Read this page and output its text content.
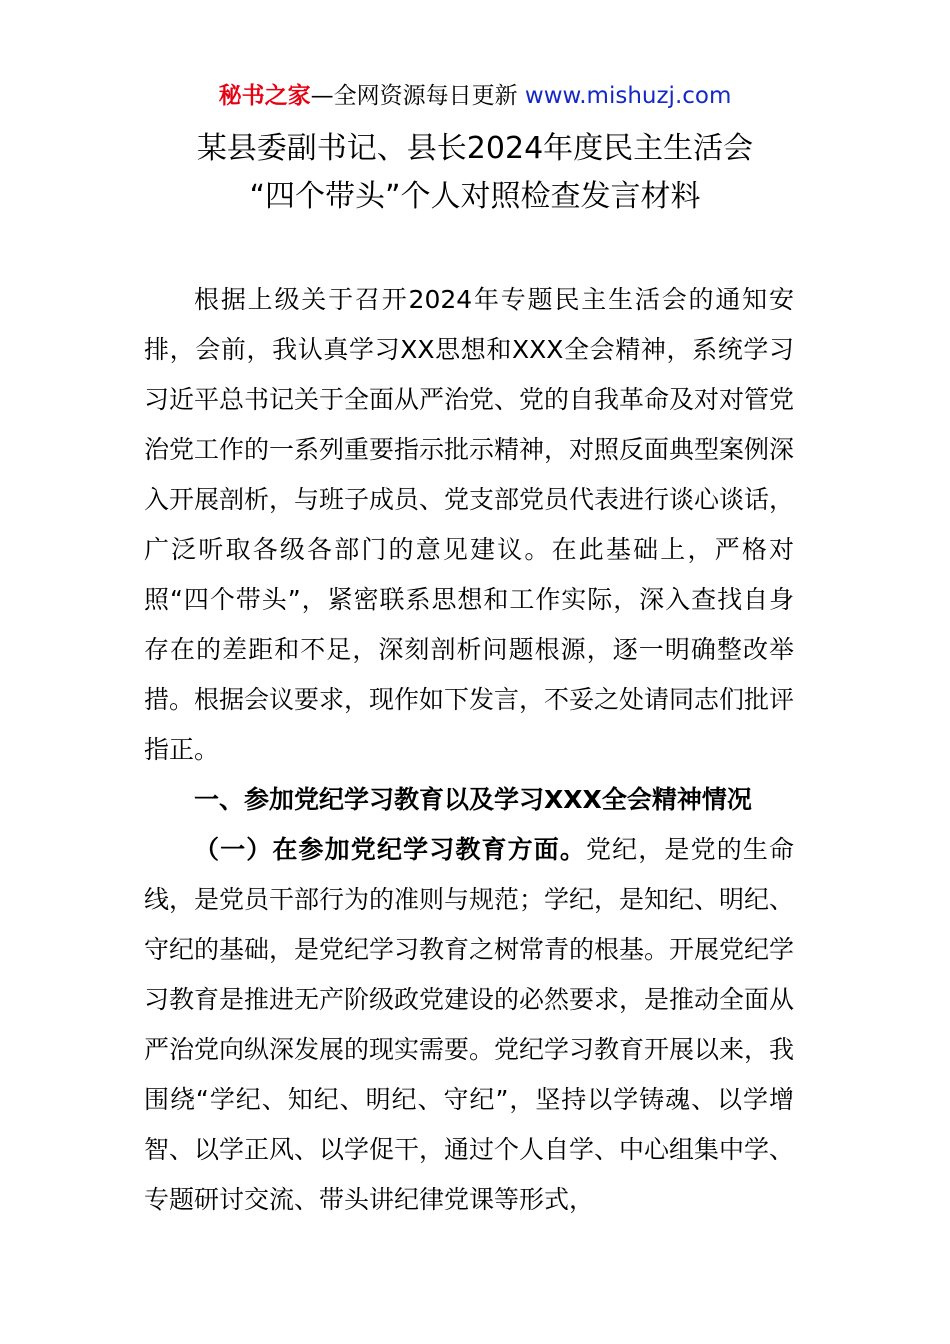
秘书之家—全网资源每日更新 www.mishuzj.com
某县委副书记、县长2024年度民主生活会
“四个带头”个人对照检查发言材料

根据上级关于召开2024年专题民主生活会的通知安排，会前，我认真学习XX思想和XXX全会精神，系统学习习近平总书记关于全面从严治党、党的自我革命及对对管党治党工作的一系列重要指示批示精神，对照反面典型案例深入开展剖析，与班子成员、党支部党员代表进行谈心谈话，广泛听取各级各部门的意见建议。在此基础上，严格对照“四个带头”，紧密联系思想和工作实际，深入查找自身存在的差距和不足，深刻剖析问题根源，逐一明确整改举措。根据会议要求，现作如下发言，不妥之处请同志们批评指正。

一、参加党纪学习教育以及学习XXX全会精神情况

（一）在参加党纪学习教育方面。党纪，是党的生命线，是党员干部行为的准则与规范；学纪，是知纪、明纪、守纪的基础，是党纪学习教育之树常青的根基。开展党纪学习教育是推进无产阶级政党建设的必然要求，是推动全面从严治党向纵深发展的现实需要。党纪学习教育开展以来，我围绕“学纪、知纪、明纪、守纪”，坚持以学铸魂、以学增智、以学正风、以学促干，通过个人自学、中心组集中学、专题研讨交流、带头讲纪律党课等形式，
